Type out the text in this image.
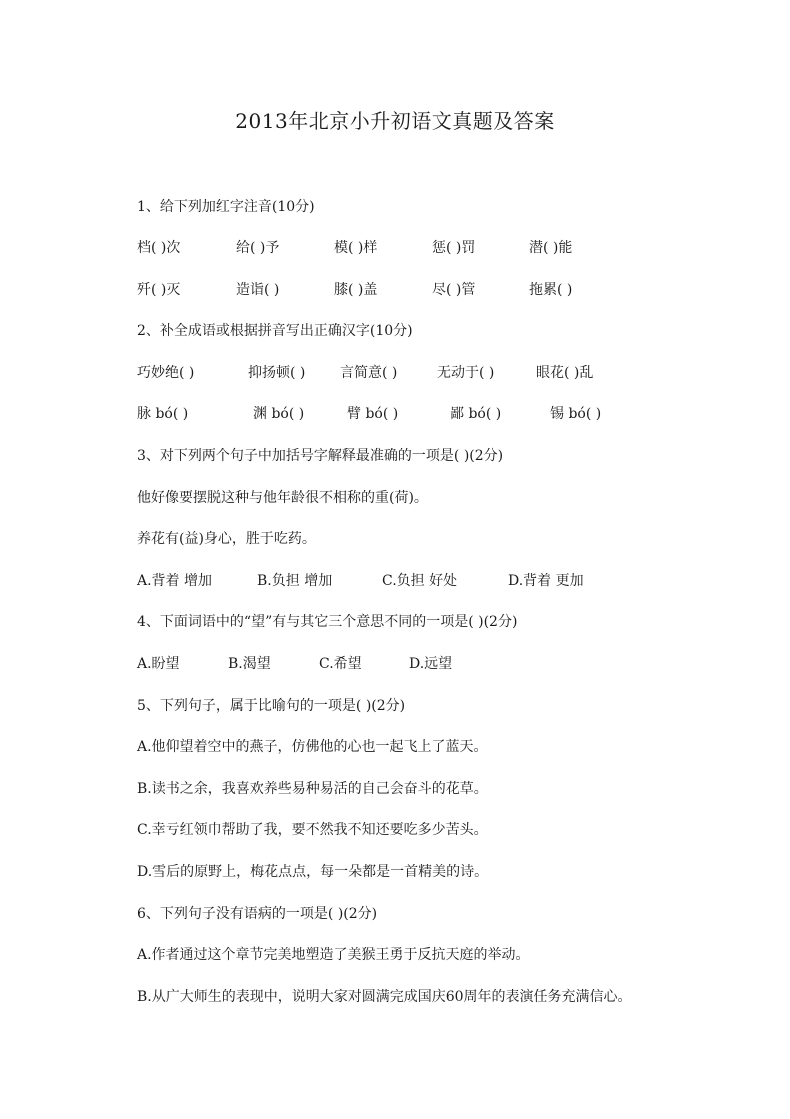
2013年北京小升初语文真题及答案
1、给下列加红字注音(10分)
档( )次	给( )予	模( )样	惩( )罚	潜( )能
歼( )灭	造诣( )	膝( )盖	尽( )管	拖累( )
2、补全成语或根据拼音写出正确汉字(10分)
巧妙绝( )	抑扬顿( ) 言简意( )	无动于( )	眼花( )乱
脉 bó( )	渊 bó( )	臂 bó( )	鄙 bó( )	锡 bó( )
3、对下列两个句子中加括号字解释最准确的一项是( )(2分)
他好像要摆脱这种与他年龄很不相称的重(荷)。
养花有(益)身心，胜于吃药。
A.背着 增加	B.负担 增加	C.负担 好处	D.背着 更加
4、下面词语中的“望”有与其它三个意思不同的一项是( )(2分)
A.盼望	B.渴望	C.希望	D.远望
5、下列句子，属于比喻句的一项是( )(2分)
A.他仰望着空中的燕子，仿佛他的心也一起飞上了蓝天。
B.读书之余，我喜欢养些易种易活的自己会奋斗的花草。
C.幸亏红领巾帮助了我，要不然我不知还要吃多少苦头。
D.雪后的原野上，梅花点点，每一朵都是一首精美的诗。
6、下列句子没有语病的一项是( )(2分)
A.作者通过这个章节完美地塑造了美猴王勇于反抗天庭的举动。
B.从广大师生的表现中，说明大家对圆满完成国庆60周年的表演任务充满信心。
